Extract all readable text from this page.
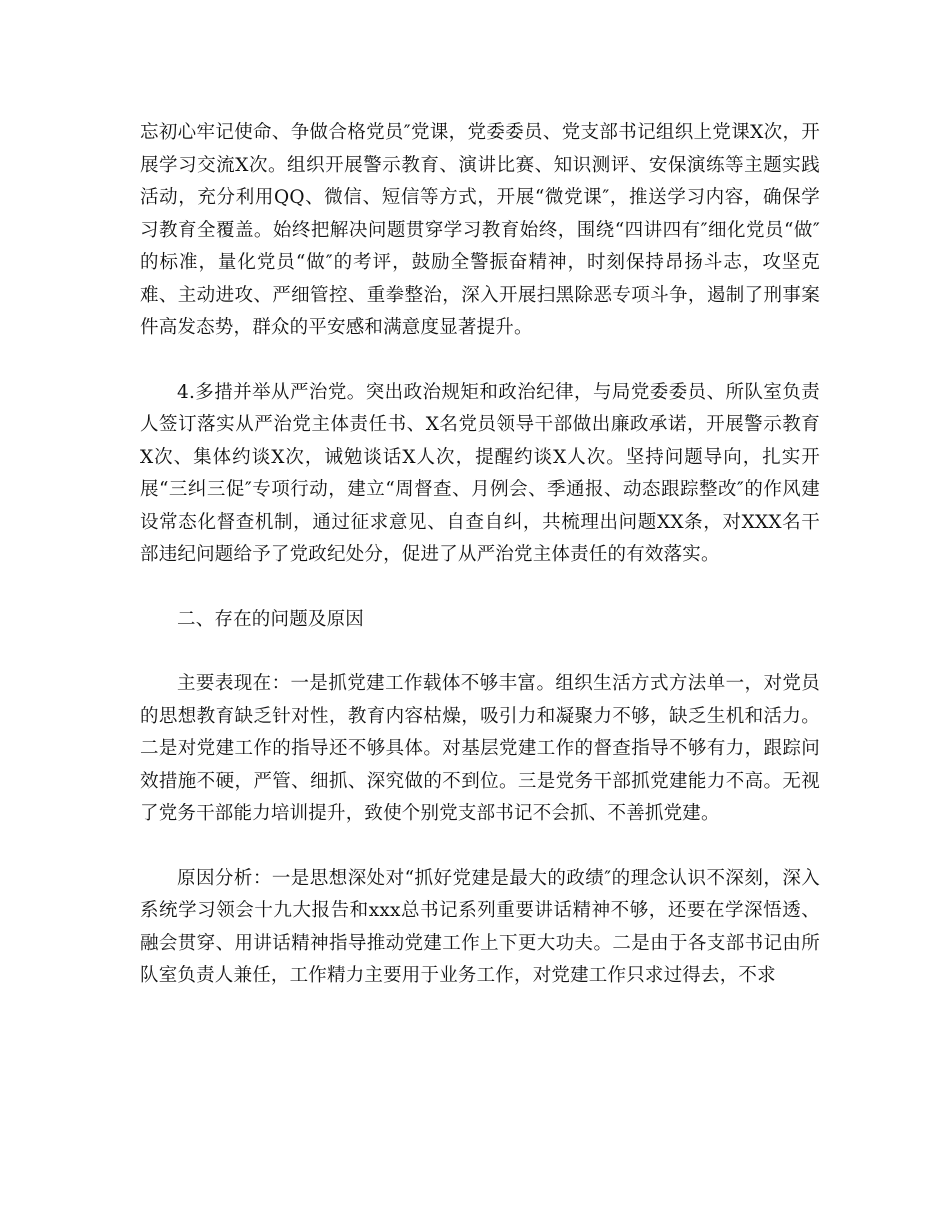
忘初心牢记使命、争做合格党员″党课，党委委员、党支部书记组织上党课X次，开展学习交流X次。组织开展警示教育、演讲比赛、知识测评、安保演练等主题实践活动，充分利用QQ、微信、短信等方式，开展“微党课″，推送学习内容，确保学习教育全覆盖。始终把解决问题贯穿学习教育始终，围绕“四讲四有″细化党员“做″的标准，量化党员“做″的考评，鼓励全警振奋精神，时刻保持昂扬斗志，攻坚克难、主动进攻、严细管控、重拳整治，深入开展扫黑除恶专项斗争，遏制了刑事案件高发态势，群众的平安感和满意度显著提升。

4.多措并举从严治党。突出政治规矩和政治纪律，与局党委委员、所队室负责人签订落实从严治党主体责任书、X名党员领导干部做出廉政承诺，开展警示教育X次、集体约谈X次，诫勉谈话X人次，提醒约谈X人次。坚持问题导向，扎实开展“三纠三促″专项行动，建立“周督查、月例会、季通报、动态跟踪整改″的作风建设常态化督查机制，通过征求意见、自查自纠，共梳理出问题XX条，对XXX名干部违纪问题给予了党政纪处分，促进了从严治党主体责任的有效落实。

二、存在的问题及原因

主要表现在：一是抓党建工作载体不够丰富。组织生活方式方法单一，对党员的思想教育缺乏针对性，教育内容枯燥，吸引力和凝聚力不够，缺乏生机和活力。二是对党建工作的指导还不够具体。对基层党建工作的督查指导不够有力，跟踪问效措施不硬，严管、细抓、深究做的不到位。三是党务干部抓党建能力不高。无视了党务干部能力培训提升，致使个别党支部书记不会抓、不善抓党建。

原因分析：一是思想深处对“抓好党建是最大的政绩″的理念认识不深刻，深入系统学习领会十九大报告和xxx总书记系列重要讲话精神不够，还要在学深悟透、融会贯穿、用讲话精神指导推动党建工作上下更大功夫。二是由于各支部书记由所队室负责人兼任，工作精力主要用于业务工作，对党建工作只求过得去，不求
